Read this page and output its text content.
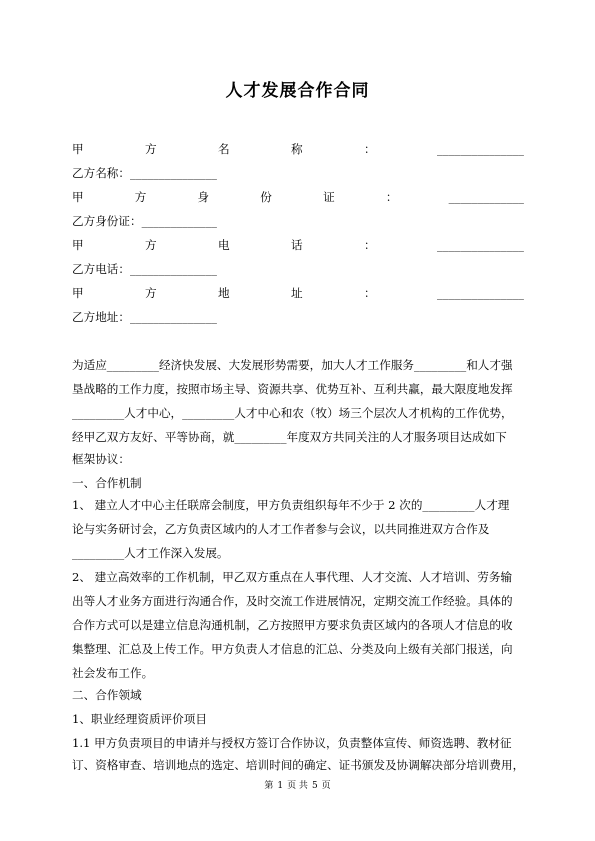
人才发展合作合同
甲	方	名	称	：	_______________
乙方名称：_______________
甲	方	身	份	证	：	_____________
乙方身份证：_____________
甲	方	电	话	：	_______________
乙方电话：_______________
甲	方	地	址	：	_______________
乙方地址：_______________
为适应_________经济快发展、大发展形势需要，加大人才工作服务_________和人才强
垦战略的工作力度，按照市场主导、资源共享、优势互补、互利共赢，最大限度地发挥
_________人才中心，_________人才中心和农（牧）场三个层次人才机构的工作优势，
经甲乙双方友好、平等协商，就_________年度双方共同关注的人才服务项目达成如下
框架协议：
一、合作机制
1、 建立人才中心主任联席会制度，甲方负责组织每年不少于 2 次的_________人才理
论与实务研讨会，乙方负责区域内的人才工作者参与会议，以共同推进双方合作及
_________人才工作深入发展。
2、 建立高效率的工作机制，甲乙双方重点在人事代理、人才交流、人才培训、劳务输
出等人才业务方面进行沟通合作，及时交流工作进展情况，定期交流工作经验。具体的
合作方式可以是建立信息沟通机制，乙方按照甲方要求负责区域内的各项人才信息的收
集整理、汇总及上传工作。甲方负责人才信息的汇总、分类及向上级有关部门报送，向
社会发布工作。
二、合作领域
1、职业经理资质评价项目
1.1 甲方负责项目的申请并与授权方签订合作协议，负责整体宣传、师资选聘、教材征
订、资格审查、培训地点的选定、培训时间的确定、证书颁发及协调解决部分培训费用，
第 1 页 共 5 页
